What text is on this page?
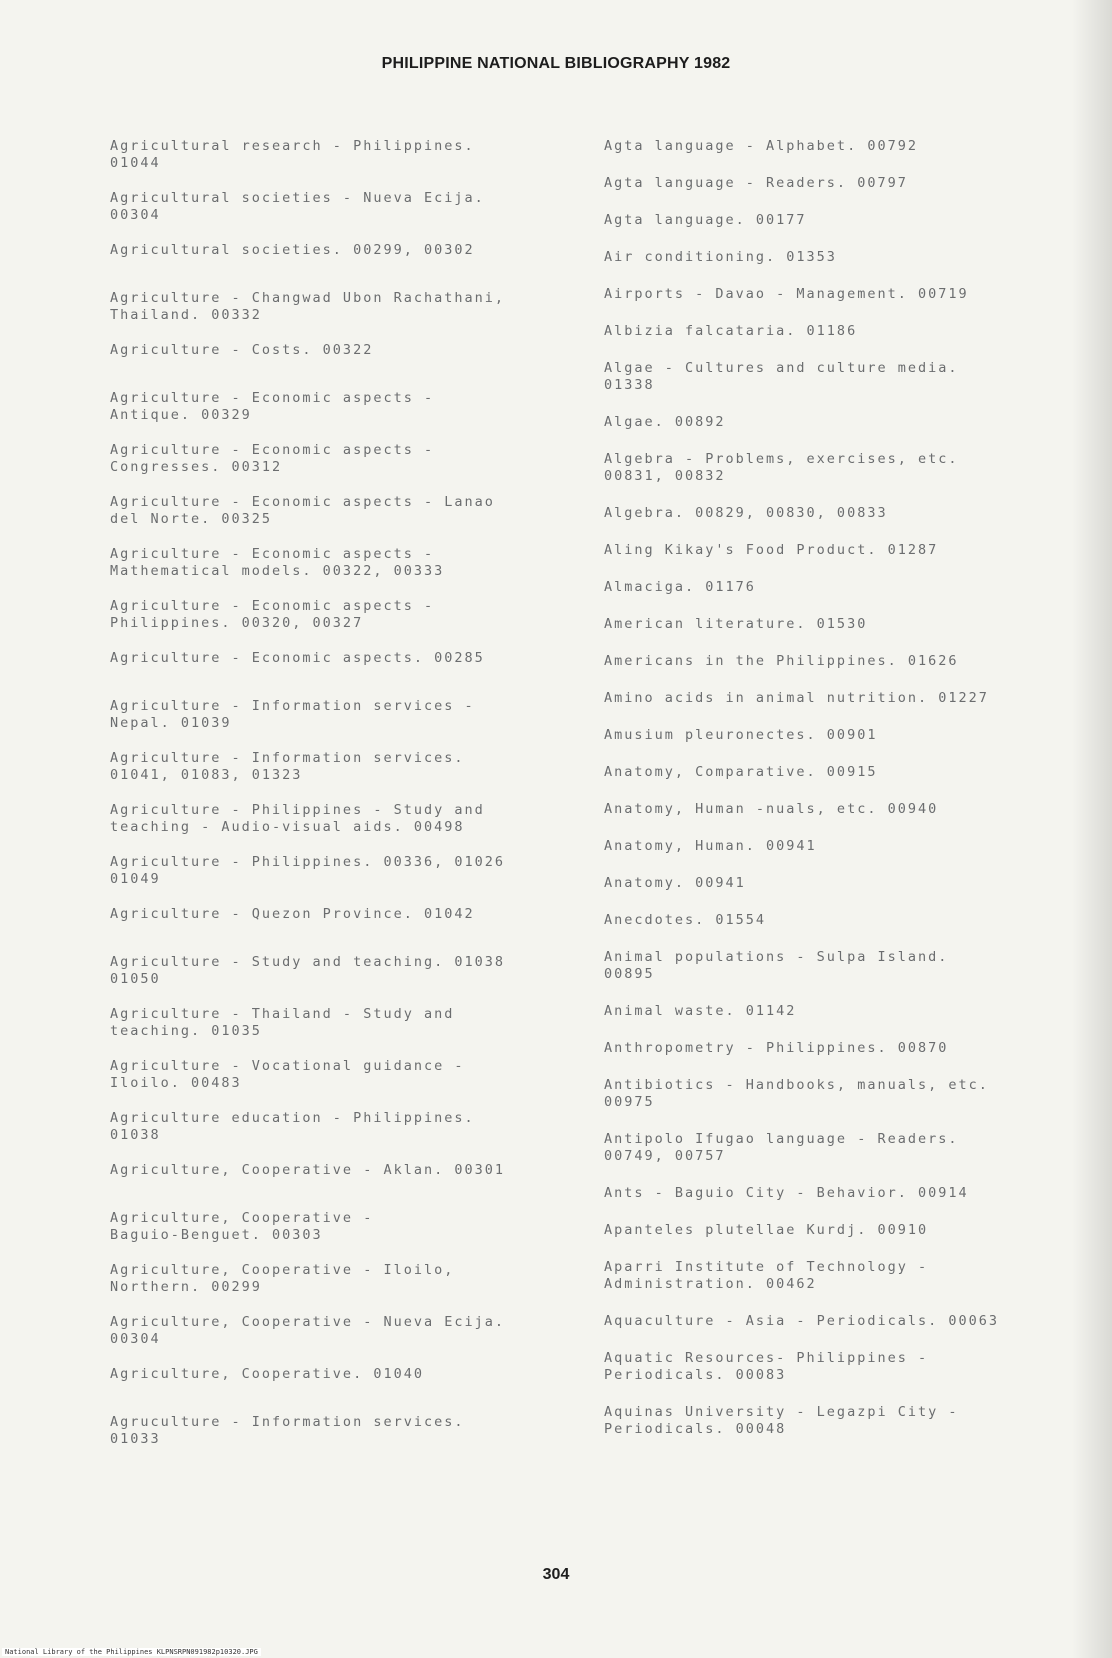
PHILIPPINE NATIONAL BIBLIOGRAPHY 1982
Agricultural research - Philippines.
01044
Agricultural societies - Nueva Ecija.
00304
Agricultural societies. 00299, 00302
Agriculture - Changwad Ubon Rachathani,
Thailand. 00332
Agriculture - Costs. 00322
Agriculture - Economic aspects -
Antique. 00329
Agriculture - Economic aspects -
Congresses. 00312
Agriculture - Economic aspects - Lanao
del Norte. 00325
Agriculture - Economic aspects -
Mathematical models. 00322, 00333
Agriculture - Economic aspects -
Philippines. 00320, 00327
Agriculture - Economic aspects. 00285
Agriculture - Information services -
Nepal. 01039
Agriculture - Information services.
01041, 01083, 01323
Agriculture - Philippines - Study and
teaching - Audio-visual aids. 00498
Agriculture - Philippines. 00336, 01026
01049
Agriculture - Quezon Province. 01042
Agriculture - Study and teaching. 01038
01050
Agriculture - Thailand - Study and
teaching. 01035
Agriculture - Vocational guidance -
Iloilo. 00483
Agriculture education - Philippines.
01038
Agriculture, Cooperative - Aklan. 00301
Agriculture, Cooperative -
Baguio-Benguet. 00303
Agriculture, Cooperative - Iloilo,
Northern. 00299
Agriculture, Cooperative - Nueva Ecija.
00304
Agriculture, Cooperative. 01040
Agruculture - Information services.
01033
Agta language - Alphabet. 00792
Agta language - Readers. 00797
Agta language. 00177
Air conditioning. 01353
Airports - Davao - Management. 00719
Albizia falcataria. 01186
Algae - Cultures and culture media.
01338
Algae. 00892
Algebra - Problems, exercises, etc.
00831, 00832
Algebra. 00829, 00830, 00833
Aling Kikay's Food Product. 01287
Almaciga. 01176
American literature. 01530
Americans in the Philippines. 01626
Amino acids in animal nutrition. 01227
Amusium pleuronectes. 00901
Anatomy, Comparative. 00915
Anatomy, Human -nuals, etc. 00940
Anatomy, Human. 00941
Anatomy. 00941
Anecdotes. 01554
Animal populations - Sulpa Island.
00895
Animal waste. 01142
Anthropometry - Philippines. 00870
Antibiotics - Handbooks, manuals, etc.
00975
Antipolo Ifugao language - Readers.
00749, 00757
Ants - Baguio City - Behavior. 00914
Apanteles plutellae Kurdj. 00910
Aparri Institute of Technology -
Administration. 00462
Aquaculture - Asia - Periodicals. 00063
Aquatic Resources- Philippines -
Periodicals. 00083
Aquinas University - Legazpi City -
Periodicals. 00048
304
National Library of the Philippines KLPNSRPN091982p10320.JPG
